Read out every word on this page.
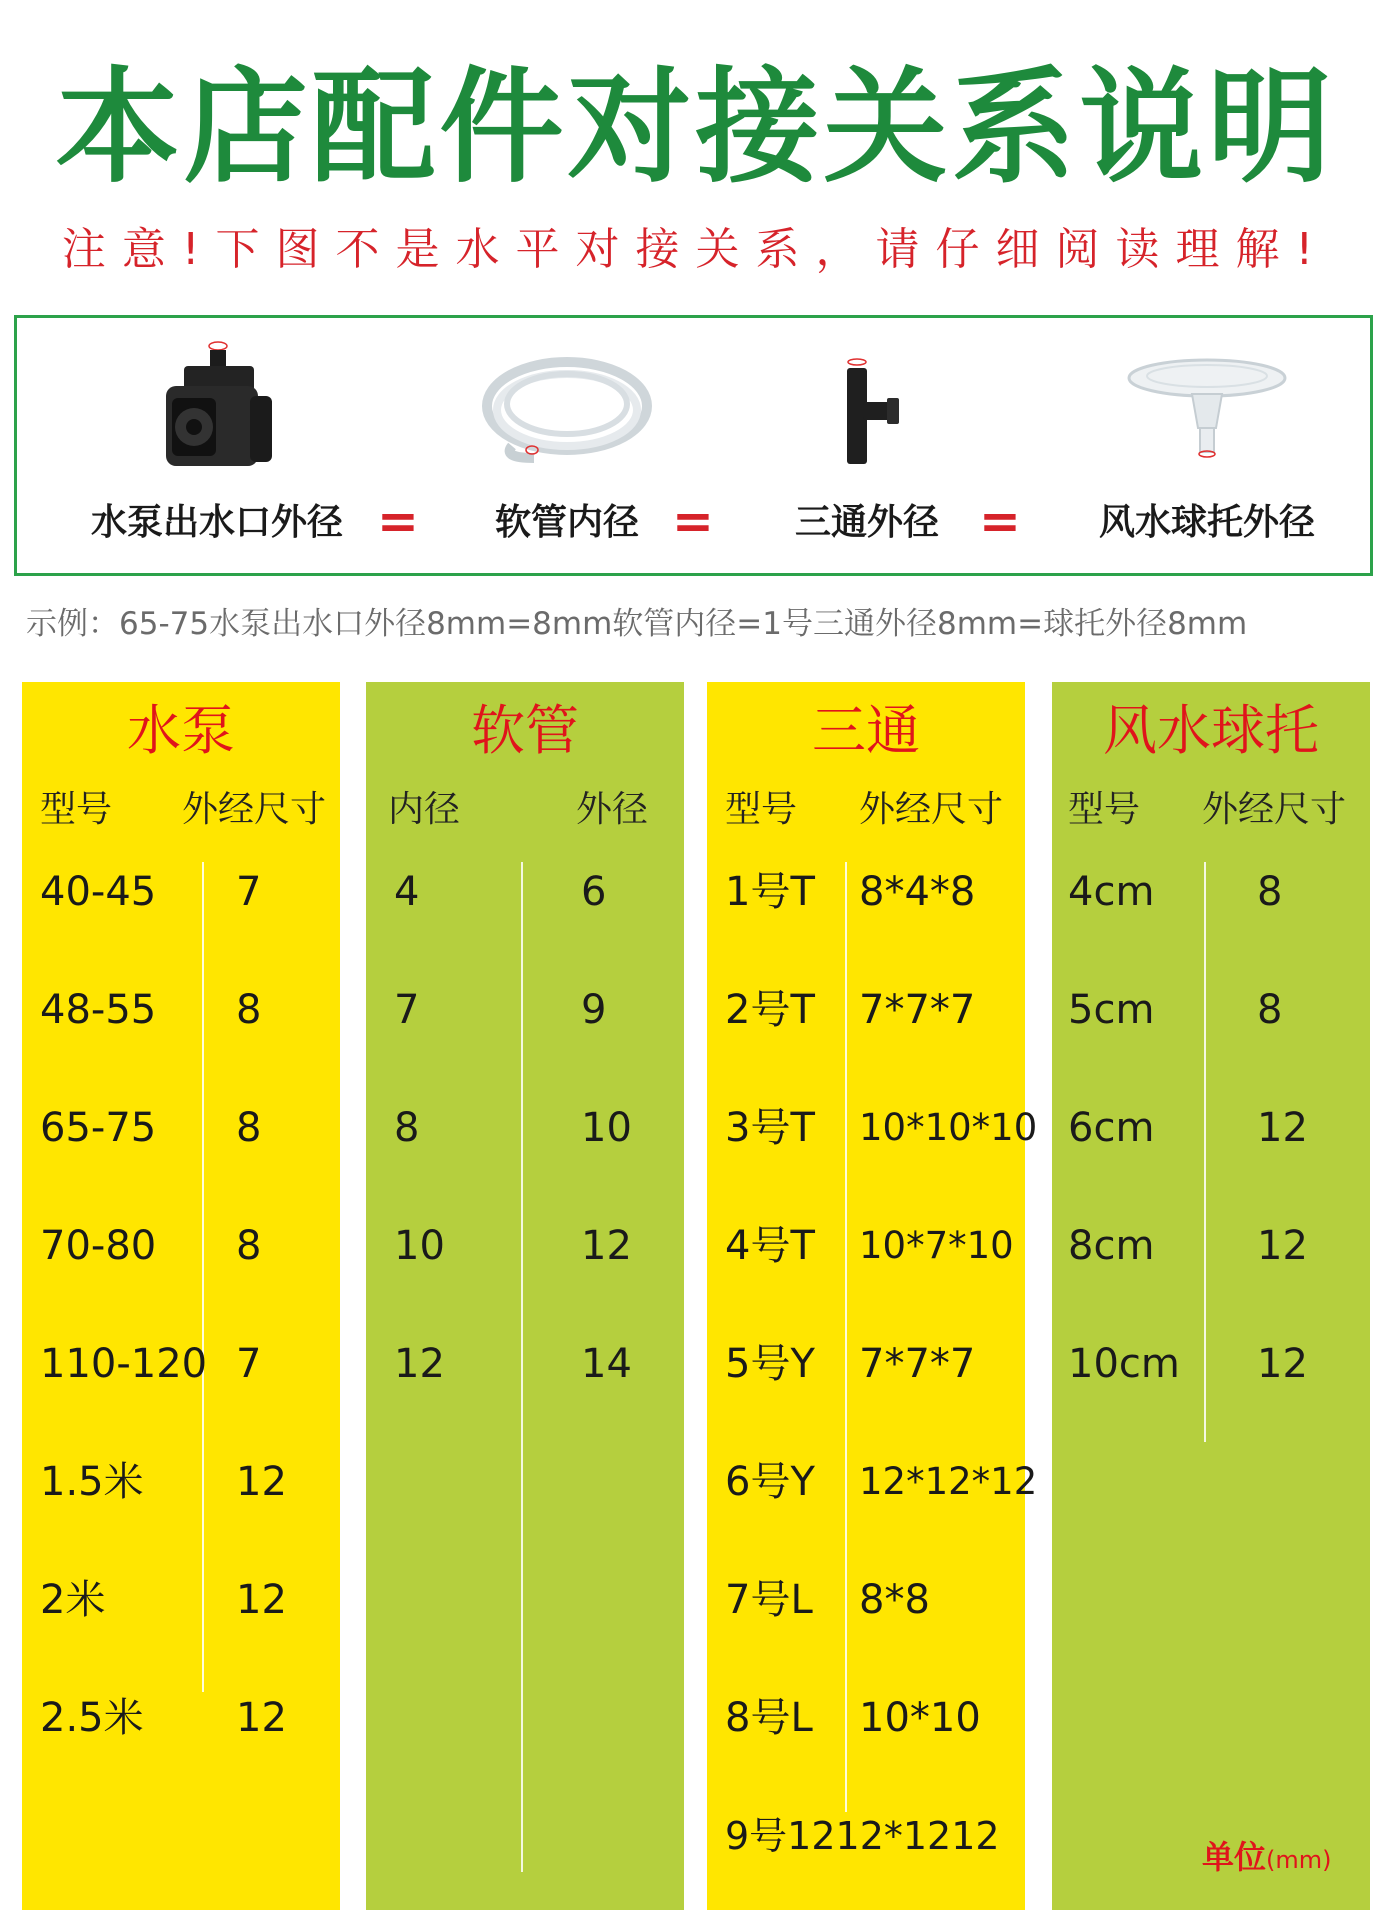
本店配件对接关系说明
注意!下图不是水平对接关系，请仔细阅读理解!
水泵出水口外径 =	软管内径 =	三通外径 =	风水球托外径
示例：65-75水泵出水口外径8mm=8mm软管内径=1号三通外径8mm=球托外径8mm
水泵
型号 外经尺寸
40-45 7
48-55 8
65-75 8
70-80 8
110-120 7
1.5米 12
2米	12
2.5米 12
软管
内径	外径
4	6
7	9
8	10
10	12
12	14
三通
型号 外经尺寸
1号T 8*4*8
2号T 7*7*7
3号T 10*10*10
4号T 10*7*10
5号Y 7*7*7
6号Y 12*12*12
7号L 8*8
8号L 10*10
9号1212*1212
风水球托
型号 外经尺寸
4cm	8
5cm	8
6cm	12
8cm	12
10cm 12
单位(mm)
